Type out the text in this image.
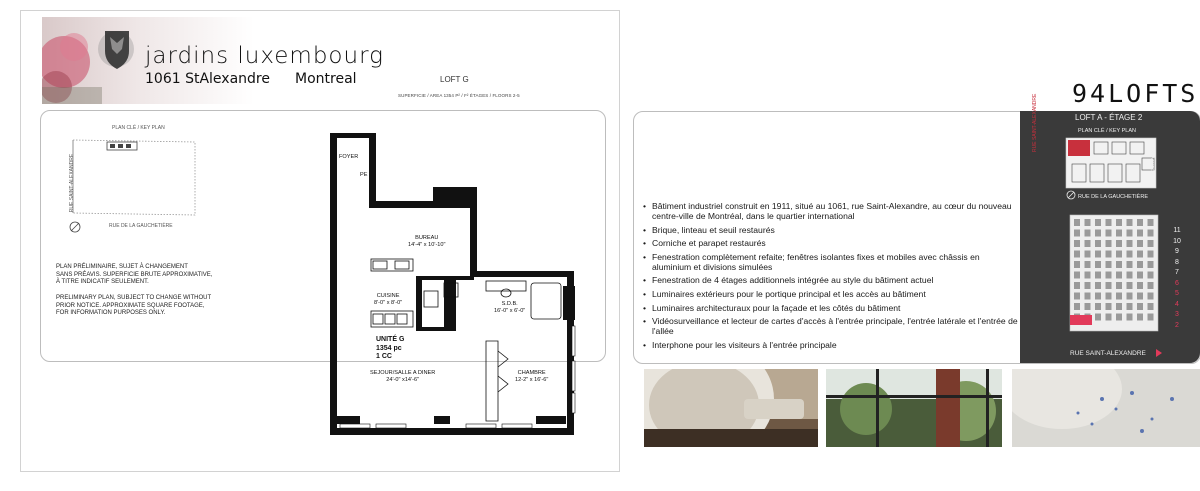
jardins luxembourg
1061 StAlexandre Montreal	LOFT G
SUPERFICIE / AREA 1354 P² / F² ÉTAGES / FLOORS 2-5
PLAN CLÉ / KEY PLAN
RUE SAINT-ALEXANDRE
RUE DE LA GAUCHETIÈRE
PLAN PRÉLIMINAIRE, SUJET À CHANGEMENT
SANS PRÉAVIS. SUPERFICIE BRUTE APPROXIMATIVE,
À TITRE INDICATIF SEULEMENT.
PRELIMINARY PLAN, SUBJECT TO CHANGE WITHOUT
PRIOR NOTICE. APPROXIMATE SQUARE FOOTAGE,
FOR INFORMATION PURPOSES ONLY.
FOYER
PE
BUREAU
14'-4" x 10'-10"
CUISINE
8'-0" x 8'-0"	S.D.B.
16'-0" x 6'-0"
UNITÉ G
1354 pc
1 CC
SEJOUR/SALLE A DINER
24'-0" x14'-6"
CHAMBRE
12-2" x 16'-6"
94LOFTS
• Bâtiment industriel construit en 1911, situé au 1061, rue Saint-Alexandre, au cœur du nouveau centre-ville de Montréal, dans le quartier international
• Brique, linteau et seuil restaurés
• Corniche et parapet restaurés
• Fenestration complètement refaite; fenêtres isolantes fixes et mobiles avec châssis en aluminium et divisions simulées
• Fenestration de 4 étages additionnels intégrée au style du bâtiment actuel
• Luminaires extérieurs pour le portique principal et les accès au bâtiment
• Luminaires architecturaux pour la façade et les côtés du bâtiment
• Vidéosurveillance et lecteur de cartes d'accès à l'entrée principale, l'entrée latérale et l'entrée de l'allée
• Interphone pour les visiteurs à l'entrée principale
LOFT A - ÉTAGE 2
PLAN CLÉ / KEY PLAN
RUE SAINT-ALEXANDRE
COURTYARD
RUE DE LA GAUCHETIÈRE
11
10
9
8
7
6
5
4
3
2
RUE SAINT-ALEXANDRE
